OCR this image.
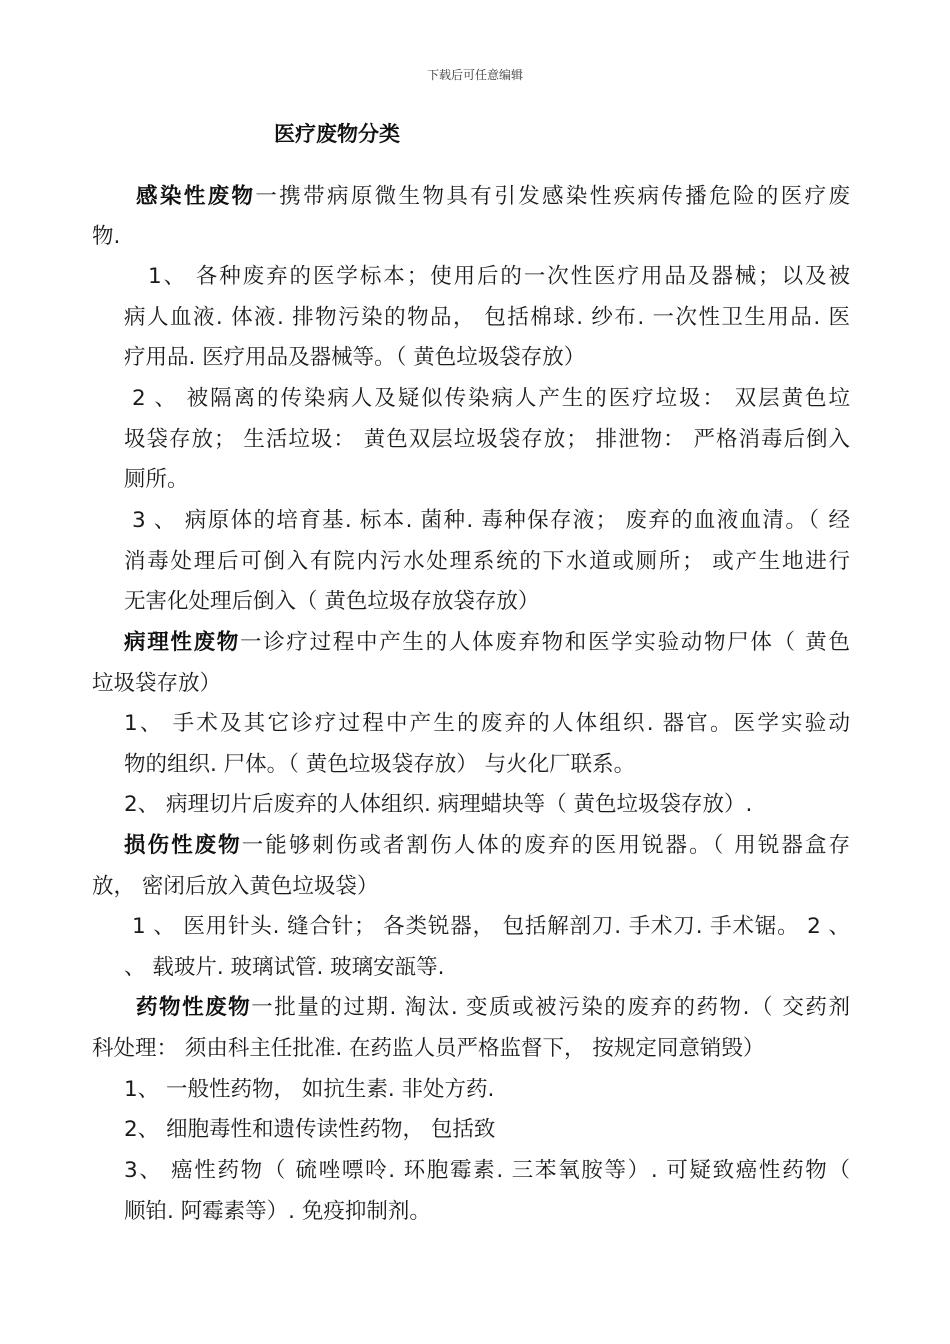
下载后可任意编辑
医疗废物分类
感染性废物一携带病原微生物具有引发感染性疾病传播危险的医疗废
物.
1、 各种废弃的医学标本；使用后的一次性医疗用品及器械；以及被
病人血液. 体液. 排物污染的物品， 包括棉球. 纱布. 一次性卫生用品. 医
疗用品. 医疗用品及器械等。（ 黄色垃圾袋存放）
2 、 被隔离的传染病人及疑似传染病人产生的医疗垃圾： 双层黄色垃
圾袋存放； 生活垃圾： 黄色双层垃圾袋存放； 排泄物： 严格消毒后倒入
厕所。
3 、 病原体的培育基. 标本. 菌种. 毒种保存液； 废弃的血液血清。（ 经
消毒处理后可倒入有院内污水处理系统的下水道或厕所； 或产生地进行
无害化处理后倒入（ 黄色垃圾存放袋存放）
病理性废物一诊疗过程中产生的人体废弃物和医学实验动物尸体（ 黄色
垃圾袋存放）
1、 手术及其它诊疗过程中产生的废弃的人体组织. 器官。医学实验动
物的组织. 尸体。（ 黄色垃圾袋存放） 与火化厂联系。
2、 病理切片后废弃的人体组织. 病理蜡块等（ 黄色垃圾袋存放）.
损伤性废物一能够刺伤或者割伤人体的废弃的医用锐器。（ 用锐器盒存
放， 密闭后放入黄色垃圾袋）
1 、 医用针头. 缝合针； 各类锐器， 包括解剖刀. 手术刀. 手术锯。 2 、
、 载玻片. 玻璃试管. 玻璃安瓿等.
药物性废物一批量的过期. 淘汰. 变质或被污染的废弃的药物.（ 交药剂
科处理： 须由科主任批准. 在药监人员严格监督下， 按规定同意销毁）
1、 一般性药物， 如抗生素. 非处方药.
2、 细胞毒性和遗传读性药物， 包括致
3、 癌性药物（ 硫唑嘌呤. 环胞霉素. 三苯氧胺等）. 可疑致癌性药物（
顺铂. 阿霉素等）. 免疫抑制剂。
